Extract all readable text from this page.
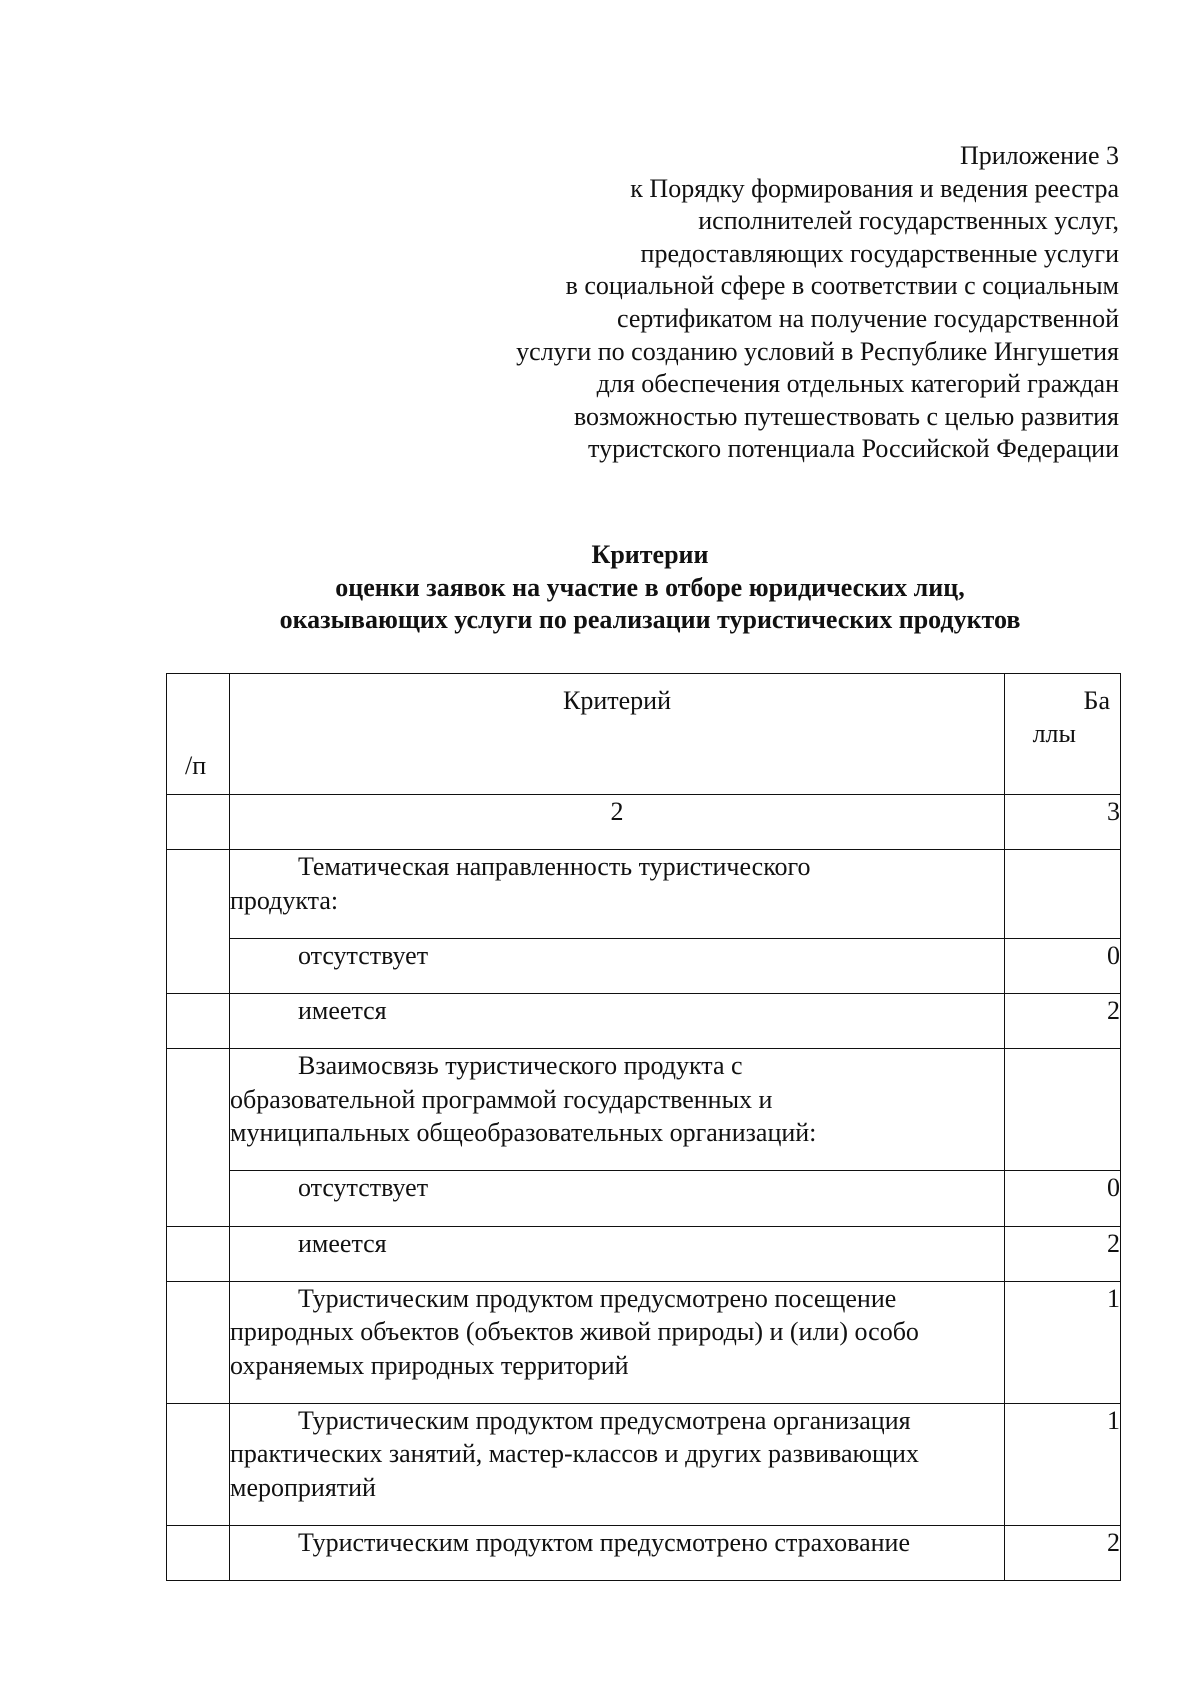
Приложение 3
к Порядку формирования и ведения реестра
исполнителей государственных услуг,
предоставляющих государственные услуги
в социальной сфере в соответствии с социальным
сертификатом на получение государственной
услуги по созданию условий в Республике Ингушетия
для обеспечения отдельных категорий граждан
возможностью путешествовать с целью развития
туристского потенциала Российской Федерации
Критерии
оценки заявок на участие в отборе юридических лиц,
оказывающих услуги по реализации туристических продуктов
/п	Критерий	Ба
ллы

	2	3

	Тематическая направленность туристического
продукта:	

	отсутствует	0

	имеется	2

	Взаимосвязь туристического продукта с
образовательной программой государственных и
муниципальных общеобразовательных организаций:	

	отсутствует	0

	имеется	2

	Туристическим продуктом предусмотрено посещение
природных объектов (объектов живой природы) и (или) особо
охраняемых природных территорий	1

	Туристическим продуктом предусмотрена организация
практических занятий, мастер-классов и других развивающих
мероприятий	1

	Туристическим продуктом предусмотрено страхование	2
